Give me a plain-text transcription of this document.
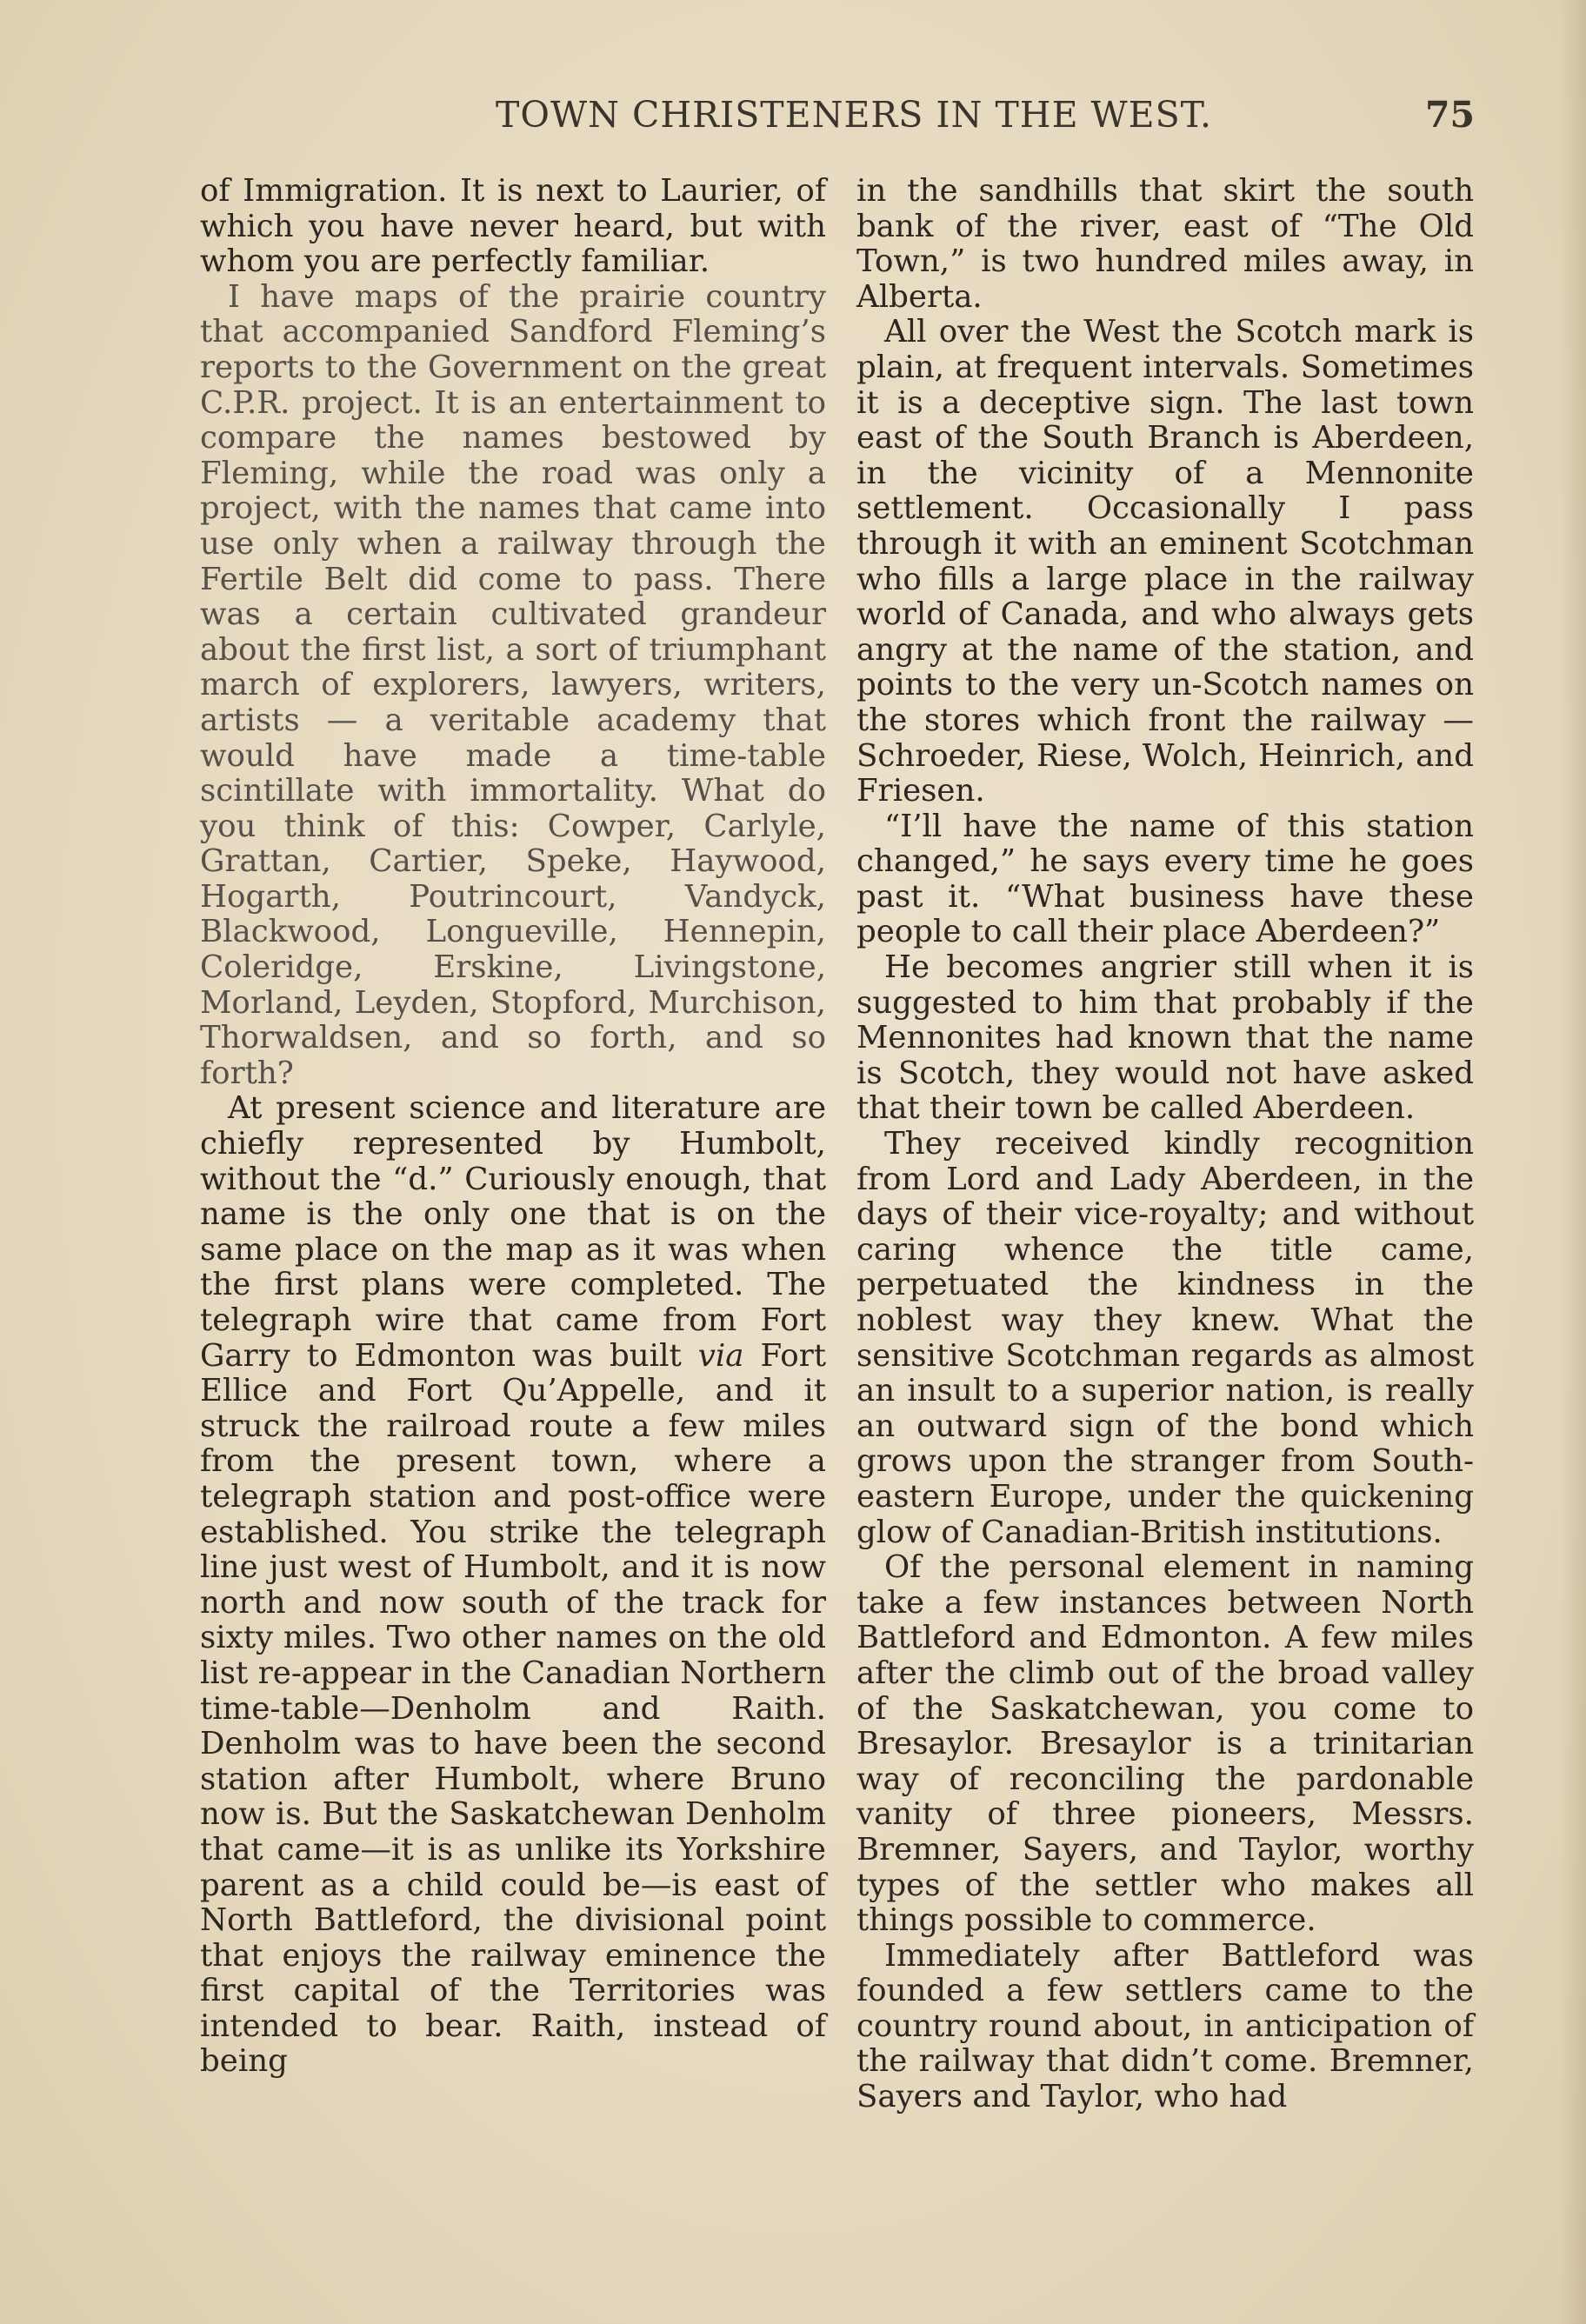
TOWN CHRISTENERS IN THE WEST.	75

of Immigration. It is next to Laurier, of which you have never heard, but with whom you are perfectly familiar.

I have maps of the prairie country that accompanied Sandford Fleming’s reports to the Government on the great C.P.R. project. It is an entertainment to compare the names bestowed by Fleming, while the road was only a project, with the names that came into use only when a railway through the Fertile Belt did come to pass. There was a certain cultivated grandeur about the first list, a sort of triumphant march of explorers, lawyers, writers, artists — a veritable academy that would have made a time-table scintillate with immortality. What do you think of this: Cowper, Carlyle, Grattan, Cartier, Speke, Haywood, Hogarth, Poutrincourt, Vandyck, Blackwood, Longueville, Hennepin, Coleridge, Erskine, Livingstone, Morland, Leyden, Stopford, Murchison, Thorwaldsen, and so forth, and so forth?

At present science and literature are chiefly represented by Humbolt, without the “d.” Curiously enough, that name is the only one that is on the same place on the map as it was when the first plans were completed. The telegraph wire that came from Fort Garry to Edmonton was built via Fort Ellice and Fort Qu’Appelle, and it struck the railroad route a few miles from the present town, where a telegraph station and post-office were established. You strike the telegraph line just west of Humbolt, and it is now north and now south of the track for sixty miles. Two other names on the old list re-appear in the Canadian Northern time-table—Denholm and Raith. Denholm was to have been the second station after Humbolt, where Bruno now is. But the Saskatchewan Denholm that came—it is as unlike its Yorkshire parent as a child could be—is east of North Battleford, the divisional point that enjoys the railway eminence the first capital of the Territories was intended to bear. Raith, instead of being

in the sandhills that skirt the south bank of the river, east of “The Old Town,” is two hundred miles away, in Alberta.

All over the West the Scotch mark is plain, at frequent intervals. Sometimes it is a deceptive sign. The last town east of the South Branch is Aberdeen, in the vicinity of a Mennonite settlement. Occasionally I pass through it with an eminent Scotchman who fills a large place in the railway world of Canada, and who always gets angry at the name of the station, and points to the very un-Scotch names on the stores which front the railway — Schroeder, Riese, Wolch, Heinrich, and Friesen.

“I’ll have the name of this station changed,” he says every time he goes past it. “What business have these people to call their place Aberdeen?”

He becomes angrier still when it is suggested to him that probably if the Mennonites had known that the name is Scotch, they would not have asked that their town be called Aberdeen.

They received kindly recognition from Lord and Lady Aberdeen, in the days of their vice-royalty; and without caring whence the title came, perpetuated the kindness in the noblest way they knew. What the sensitive Scotchman regards as almost an insult to a superior nation, is really an outward sign of the bond which grows upon the stranger from South-eastern Europe, under the quickening glow of Canadian-British institutions.

Of the personal element in naming take a few instances between North Battleford and Edmonton. A few miles after the climb out of the broad valley of the Saskatchewan, you come to Bresaylor. Bresaylor is a trinitarian way of reconciling the pardonable vanity of three pioneers, Messrs. Bremner, Sayers, and Taylor, worthy types of the settler who makes all things possible to commerce.

Immediately after Battleford was founded a few settlers came to the country round about, in anticipation of the railway that didn’t come. Bremner, Sayers and Taylor, who had
